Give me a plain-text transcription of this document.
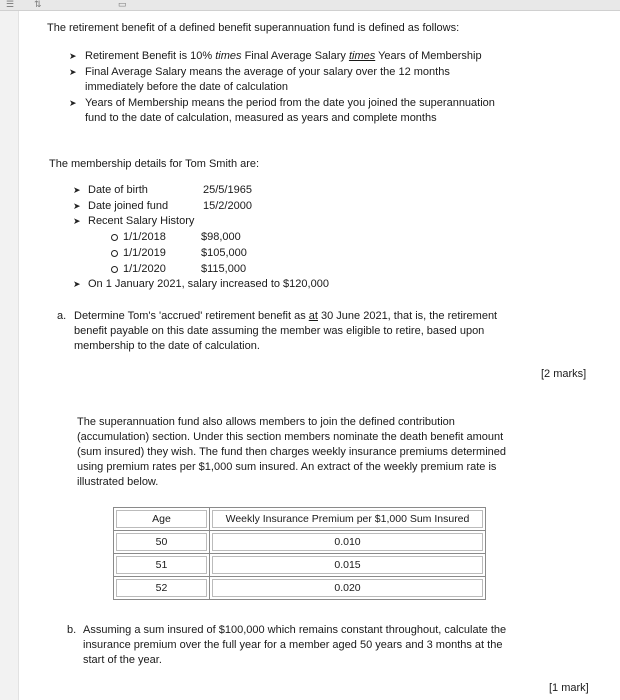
☰ ⇅	▭
The retirement benefit of a defined benefit superannuation fund is defined as follows:
➤ Retirement Benefit is 10% times Final Average Salary times Years of Membership
➤ Final Average Salary means the average of your salary over the 12 months
immediately before the date of calculation
➤ Years of Membership means the period from the date you joined the superannuation
fund to the date of calculation, measured as years and complete months
The membership details for Tom Smith are:
➤ Date of birth	25/5/1965
➤ Date joined fund	15/2/2000
➤ Recent Salary History
1/1/2018	$98,000
1/1/2019	$105,000
1/1/2020	$115,000
➤ On 1 January 2021, salary increased to $120,000
a. Determine Tom's 'accrued' retirement benefit as at 30 June 2021, that is, the retirement
benefit payable on this date assuming the member was eligible to retire, based upon
membership to the date of calculation.
[2 marks]
The superannuation fund also allows members to join the defined contribution
(accumulation) section. Under this section members nominate the death benefit amount
(sum insured) they wish. The fund then charges weekly insurance premiums determined
using premium rates per $1,000 sum insured. An extract of the weekly premium rate is
illustrated below.
Age	Weekly Insurance Premium per $1,000 Sum Insured

50	0.010

51	0.015

52	0.020
b. Assuming a sum insured of $100,000 which remains constant throughout, calculate the
insurance premium over the full year for a member aged 50 years and 3 months at the
start of the year.
[1 mark]
